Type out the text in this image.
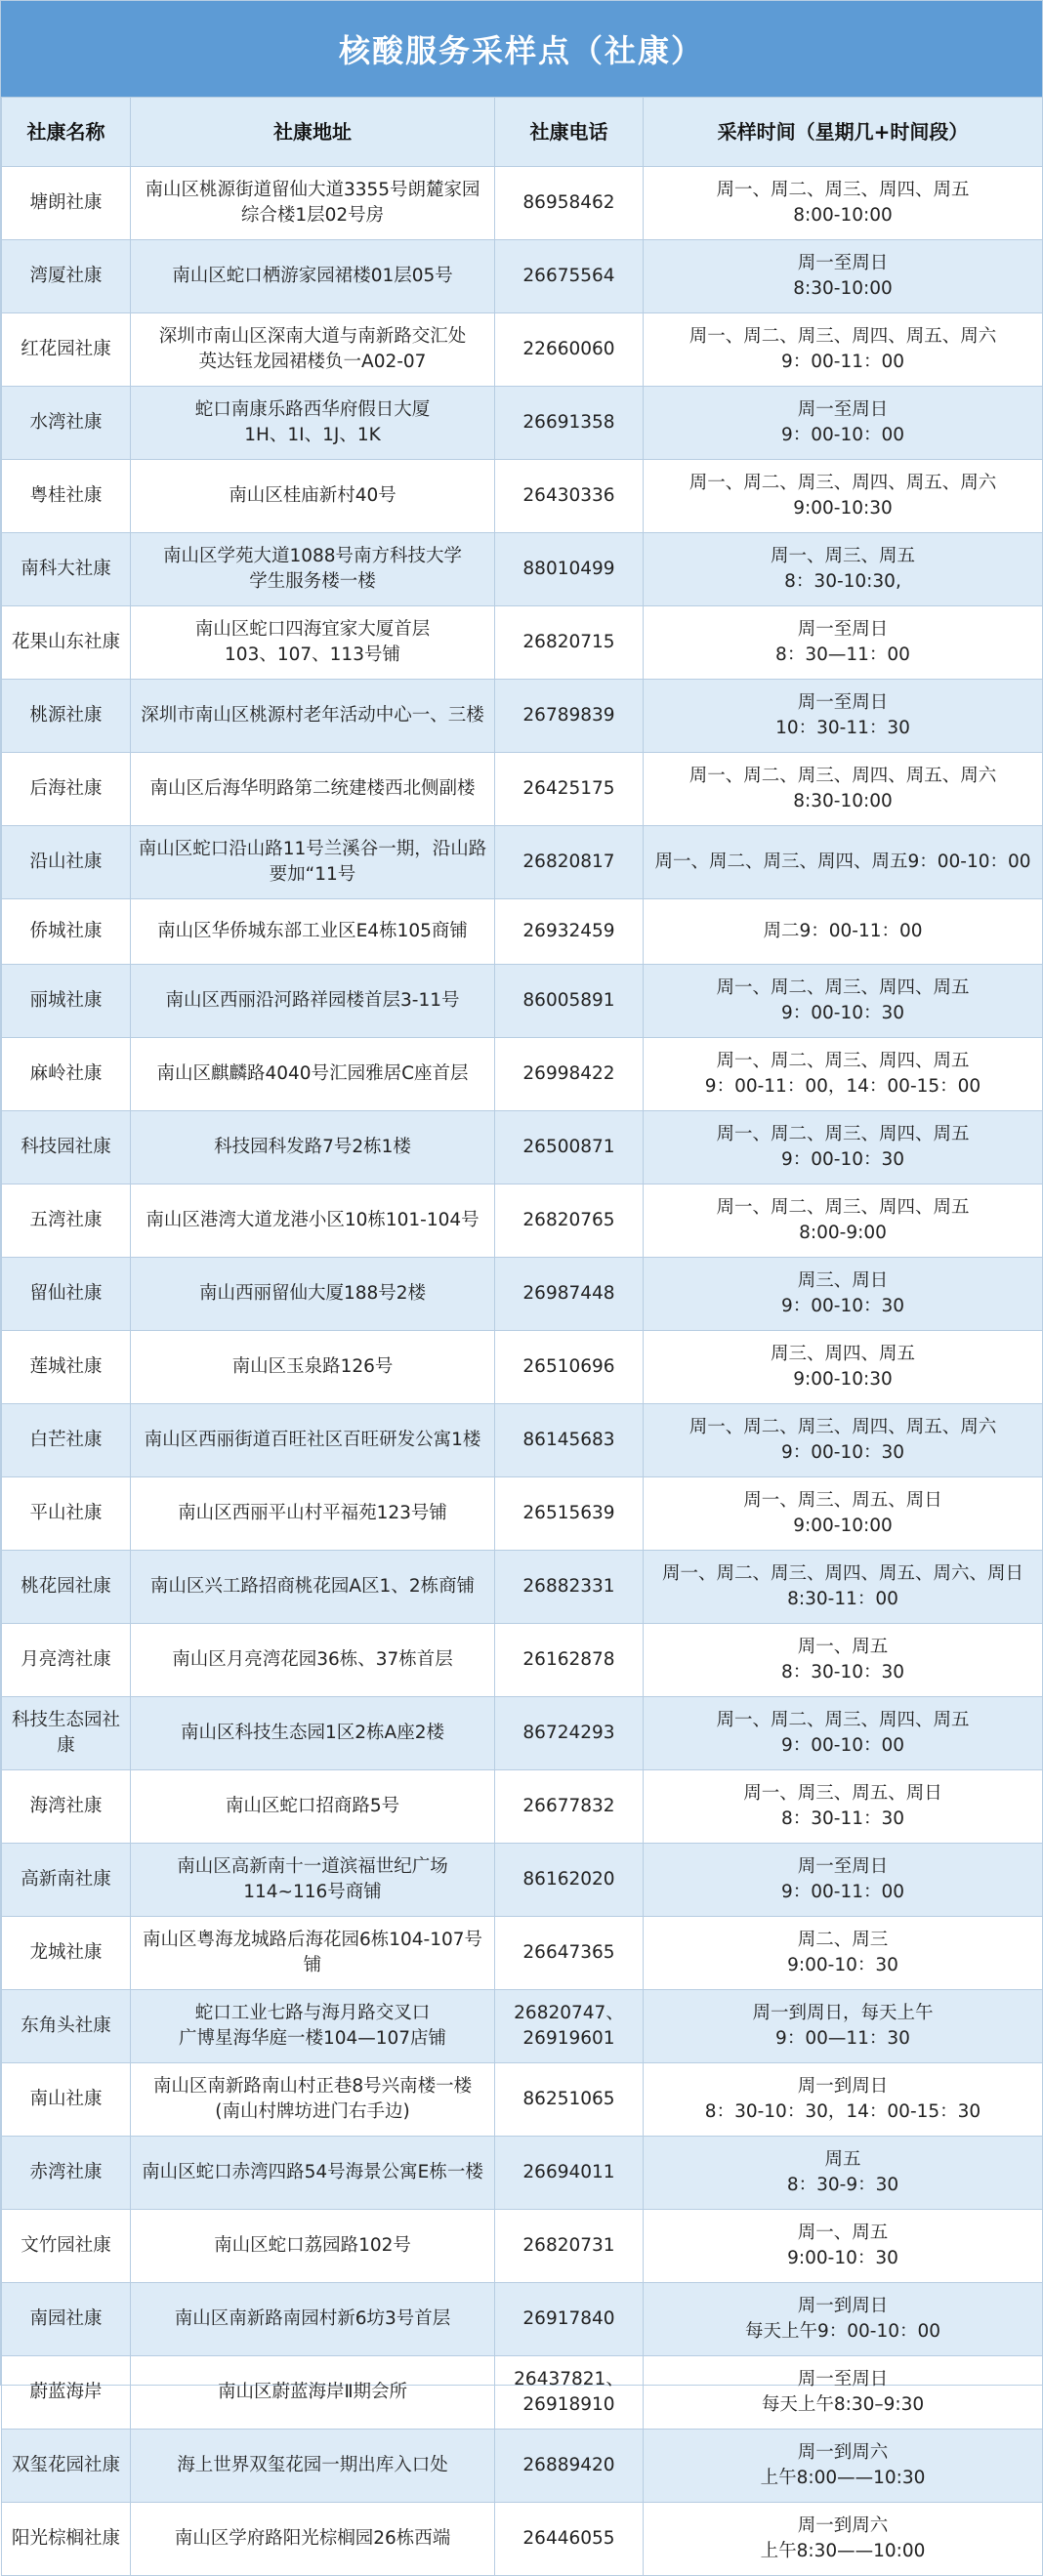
核酸服务采样点（社康）
社康名称	社康地址	社康电话	采样时间（星期几+时间段）
塘朗社康	南山区桃源街道留仙大道3355号朗麓家园
综合楼1层02号房	86958462	周一、周二、周三、周四、周五
8:00-10:00

湾厦社康	南山区蛇口栖游家园裙楼01层05号	26675564	周一至周日
8:30-10:00

红花园社康	深圳市南山区深南大道与南新路交汇处
英达钰龙园裙楼负一A02-07	22660060	周一、周二、周三、周四、周五、周六
9：00-11：00

水湾社康	蛇口南康乐路西华府假日大厦
1H、1I、1J、1K	26691358	周一至周日
9：00-10：00

粤桂社康	南山区桂庙新村40号	26430336	周一、周二、周三、周四、周五、周六
9:00-10:30

南科大社康	南山区学苑大道1088号南方科技大学
学生服务楼一楼	88010499	周一、周三、周五
8：30-10:30,

花果山东社康	南山区蛇口四海宜家大厦首层
103、107、113号铺	26820715	周一至周日
8：30—11：00

桃源社康	深圳市南山区桃源村老年活动中心一、三楼	26789839	周一至周日
10：30-11：30

后海社康	南山区后海华明路第二统建楼西北侧副楼	26425175	周一、周二、周三、周四、周五、周六
8:30-10:00

沿山社康	南山区蛇口沿山路11号兰溪谷一期，沿山路
要加“11号	26820817	周一、周二、周三、周四、周五9：00-10：00

侨城社康	南山区华侨城东部工业区E4栋105商铺	26932459	周二9：00-11：00

丽城社康	南山区西丽沿河路祥园楼首层3-11号	86005891	周一、周二、周三、周四、周五
9：00-10：30

麻岭社康	南山区麒麟路4040号汇园雅居C座首层	26998422	周一、周二、周三、周四、周五
9：00-11：00，14：00-15：00

科技园社康	科技园科发路7号2栋1楼	26500871	周一、周二、周三、周四、周五
9：00-10：30

五湾社康	南山区港湾大道龙港小区10栋101-104号	26820765	周一、周二、周三、周四、周五
8:00-9:00

留仙社康	南山西丽留仙大厦188号2楼	26987448	周三、周日
9：00-10：30

莲城社康	南山区玉泉路126号	26510696	周三、周四、周五
9:00-10:30

白芒社康	南山区西丽街道百旺社区百旺研发公寓1楼	86145683	周一、周二、周三、周四、周五、周六
9：00-10：30

平山社康	南山区西丽平山村平福苑123号铺	26515639	周一、周三、周五、周日
9:00-10:00

桃花园社康	南山区兴工路招商桃花园A区1、2栋商铺	26882331	周一、周二、周三、周四、周五、周六、周日
8:30-11：00

月亮湾社康	南山区月亮湾花园36栋、37栋首层	26162878	周一、周五
8：30-10：30

科技生态园社康	南山区科技生态园1区2栋A座2楼	86724293	周一、周二、周三、周四、周五
9：00-10：00

海湾社康	南山区蛇口招商路5号	26677832	周一、周三、周五、周日
8：30-11：30

高新南社康	南山区高新南十一道滨福世纪广场
114~116号商铺	86162020	周一至周日
9：00-11：00

龙城社康	南山区粤海龙城路后海花园6栋104-107号
铺	26647365	周二、周三
9:00-10：30

东角头社康	蛇口工业七路与海月路交叉口
广博星海华庭一楼104—107店铺	26820747、
26919601	周一到周日，每天上午
9：00—11：30

南山社康	南山区南新路南山村正巷8号兴南楼一楼
(南山村牌坊进门右手边)	86251065	周一到周日
8：30-10：30，14：00-15：30

赤湾社康	南山区蛇口赤湾四路54号海景公寓E栋一楼	26694011	周五
8：30-9：30

文竹园社康	南山区蛇口荔园路102号	26820731	周一、周五
9:00-10：30

南园社康	南山区南新路南园村新6坊3号首层	26917840	周一到周日
每天上午9：00-10：00

蔚蓝海岸	南山区蔚蓝海岸Ⅱ期会所	26437821、
26918910	周一至周日
每天上午8:30–9:30

双玺花园社康	海上世界双玺花园一期出库入口处	26889420	周一到周六
上午8:00——10:30

阳光棕榈社康	南山区学府路阳光棕榈园26栋西端	26446055	周一到周六
上午8:30——10:00
